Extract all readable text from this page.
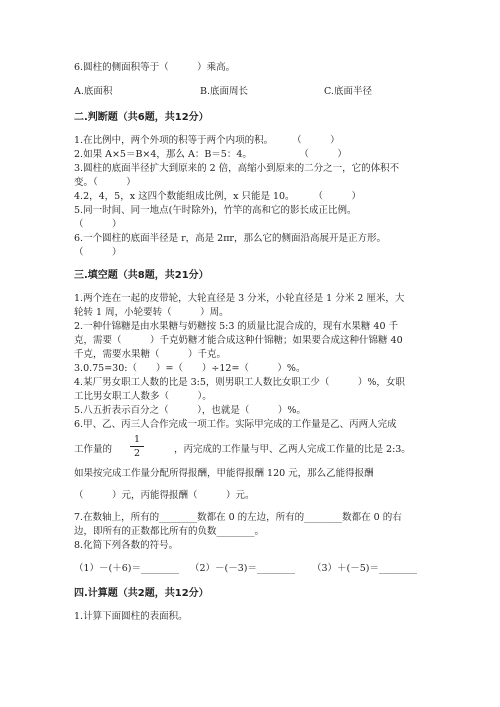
6.圆柱的侧面积等于（　　　）乘高。
A.底面积	B.底面周长	C.底面半径
二.判断题（共6题，共12分）
1.在比例中，两个外项的积等于两个内项的积。　　　（　　　）
2.如果 A×5＝B×4，那么 A：B＝5：4。　　　　　　（　　　）
3.圆柱的底面半径扩大到原来的 2 倍，高缩小到原来的二分之一，它的体积不
变。（　　　）
4.2，4，5，x 这四个数能组成比例，x 只能是 10。　　　（　　　）
5.同一时间、同一地点(午时除外)，竹竿的高和它的影长成正比例。
（　　　）
6.一个圆柱的底面半径是 r，高是 2πr，那么它的侧面沿高展开是正方形。
（　　　）
三.填空题（共8题，共21分）
1.两个连在一起的皮带轮，大轮直径是 3 分米，小轮直径是 1 分米 2 厘米，大
轮转 1 周，小轮要转（　　　）周。
2.一种什锦糖是由水果糖与奶糖按 5:3 的质量比混合成的，现有水果糖 40 千
克，需要（　　　）千克奶糖才能合成这种什锦糖；如果要合成这种什锦糖 40
千克，需要水果糖（　　　）千克。
3.0.75=30:（　　）=（　　）÷12=（　　　）%。
4.某厂男女职工人数的比是 3:5，则男职工人数比女职工少（　　　）%，女职
工比男女职工人数多（　　　）。
5.八五折表示百分之（　　　），也就是（　　　）%。
6.甲、乙、丙三人合作完成一项工作。实际甲完成的工作量是乙、丙两人完成
工作量的
1
2	，丙完成的工作量与甲、乙两人完成工作量的比是 2:3。
如果按完成工作量分配所得报酬，甲能得报酬 120 元，那么乙能得报酬
（　　　）元，丙能得报酬（　　　）元。
7.在数轴上，所有的________数都在 0 的左边，所有的________数都在 0 的右
边，即所有的正数都比所有的负数________。
8.化简下列各数的符号。
（1）－(＋6)＝________ （2）－(－3)＝________ （3）＋(－5)＝________
四.计算题（共2题，共12分）
1.计算下面圆柱的表面积。
